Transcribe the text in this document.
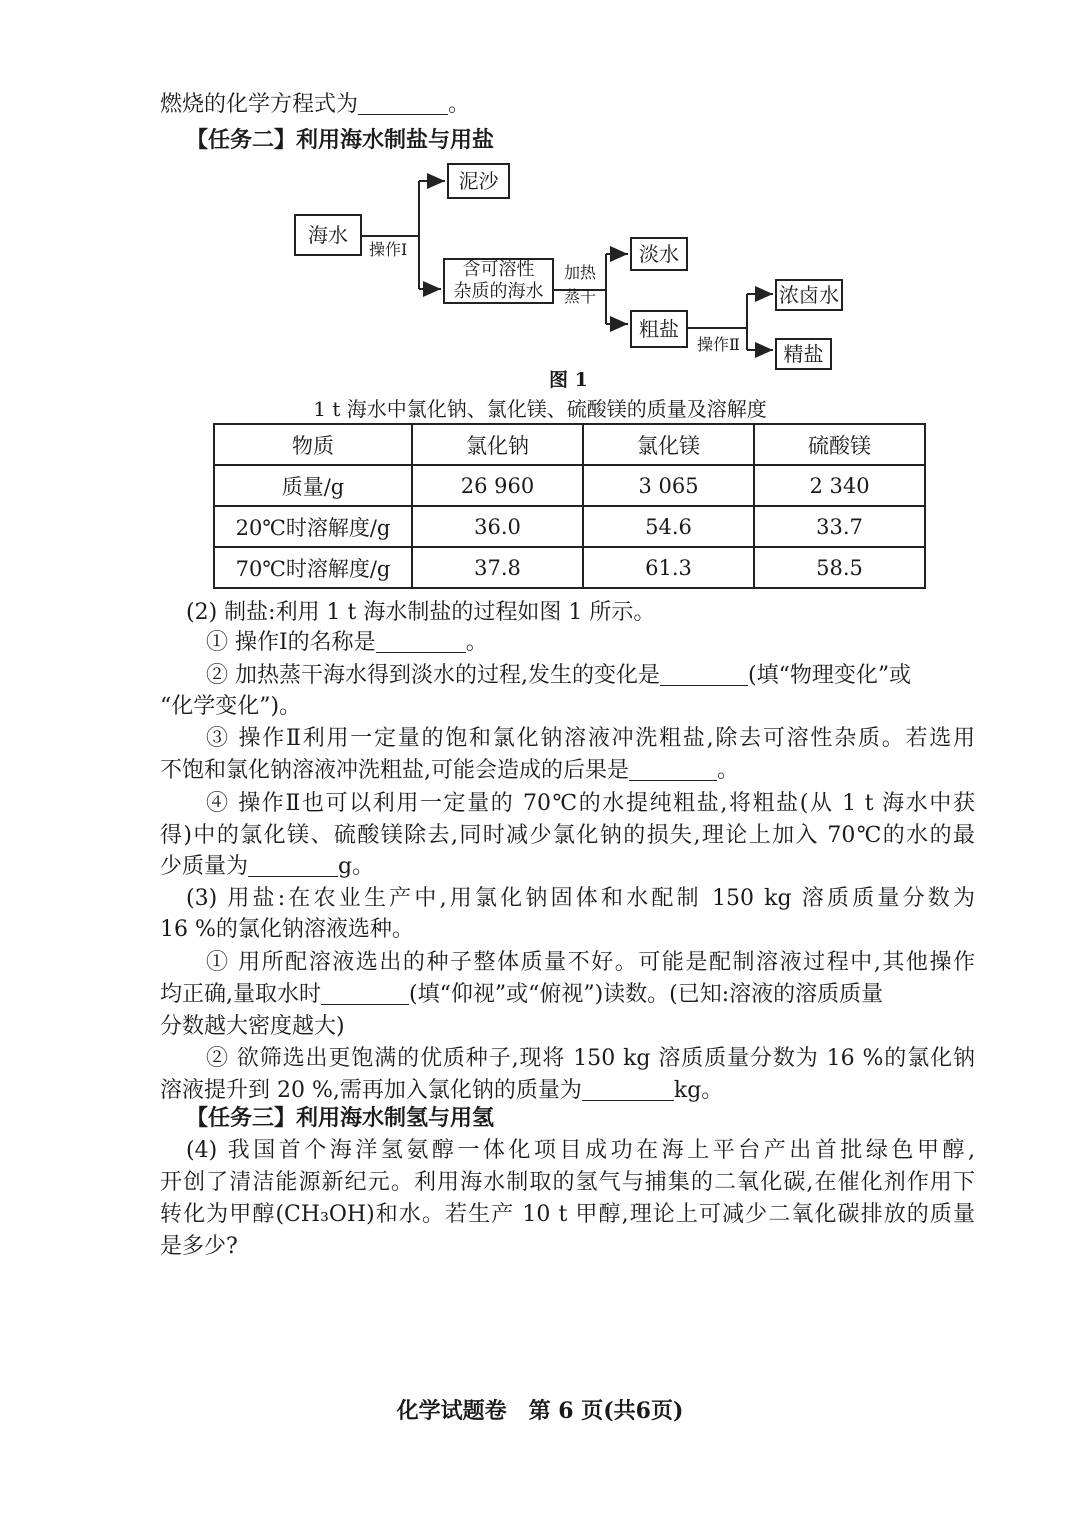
燃烧的化学方程式为	。
【任务二】利用海水制盐与用盐
海水
泥沙
含可溶性
杂质的海水
淡水
粗盐
浓卤水
精盐
操作Ⅰ
加热
蒸干
操作Ⅱ
图 1
1 t 海水中氯化钠、氯化镁、硫酸镁的质量及溶解度
物质	氯化钠	氯化镁	硫酸镁
质量/g	26 960	3 065	2 340
20℃时溶解度/g	36.0	54.6	33.7
70℃时溶解度/g	37.8	61.3	58.5
(2) 制盐:利用 1 t 海水制盐的过程如图 1 所示。
① 操作Ⅰ的名称是	。
② 加热蒸干海水得到淡水的过程,发生的变化是	(填“物理变化”或
“化学变化”)。
③ 操作Ⅱ利用一定量的饱和氯化钠溶液冲洗粗盐,除去可溶性杂质。若选用
不饱和氯化钠溶液冲洗粗盐,可能会造成的后果是	。
④ 操作Ⅱ也可以利用一定量的 70℃的水提纯粗盐,将粗盐(从 1 t 海水中获
得)中的氯化镁、硫酸镁除去,同时减少氯化钠的损失,理论上加入 70℃的水的最
少质量为	g。
(3) 用盐:在农业生产中,用氯化钠固体和水配制 150 kg 溶质质量分数为
16 %的氯化钠溶液选种。
① 用所配溶液选出的种子整体质量不好。可能是配制溶液过程中,其他操作
均正确,量取水时	(填“仰视”或“俯视”)读数。(已知:溶液的溶质质量
分数越大密度越大)
② 欲筛选出更饱满的优质种子,现将 150 kg 溶质质量分数为 16 %的氯化钠
溶液提升到 20 %,需再加入氯化钠的质量为	kg。
【任务三】利用海水制氢与用氢
(4) 我国首个海洋氢氨醇一体化项目成功在海上平台产出首批绿色甲醇,
开创了清洁能源新纪元。利用海水制取的氢气与捕集的二氧化碳,在催化剂作用下
转化为甲醇(CH₃OH)和水。若生产 10 t 甲醇,理论上可减少二氧化碳排放的质量
是多少?
化学试题卷　第 6 页(共6页)
